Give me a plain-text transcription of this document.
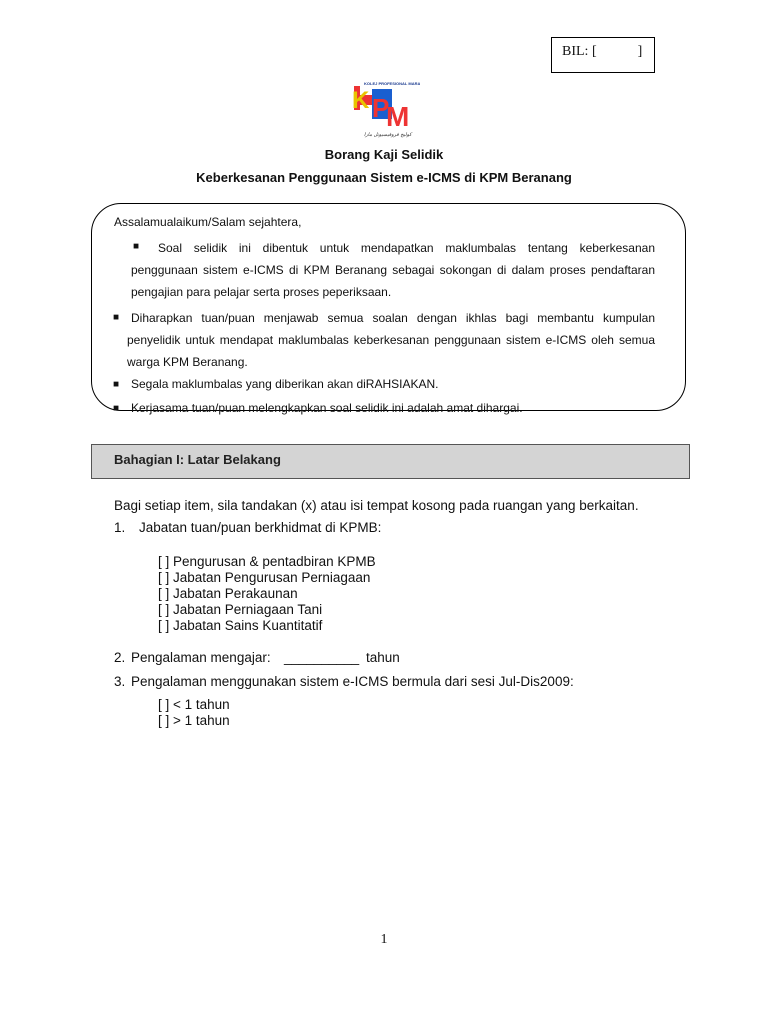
BIL: [	]
KOLEJ PROFESIONAL MARA
K P
M
ﻛﻮﻟﻴﺞ ﻓﺮﻭﻓﻴﺴﻴﻮﻧﻞ ﻣﺎﺭﺍ
Borang Kaji Selidik
Keberkesanan Penggunaan Sistem e-ICMS di KPM Beranang
Assalamualaikum/Salam sejahtera,
■	Soal selidik ini dibentuk untuk mendapatkan maklumbalas tentang keberkesanan penggunaan sistem e-ICMS di KPM Beranang sebagai sokongan di dalam proses pendaftaran pengajian para pelajar serta proses peperiksaan.
■ Diharapkan tuan/puan menjawab semua soalan dengan ikhlas bagi membantu kumpulan penyelidik untuk mendapat maklumbalas keberkesanan penggunaan sistem e-ICMS oleh semua warga KPM Beranang.
■ Segala maklumbalas yang diberikan akan diRAHSIAKAN.
■ Kerjasama tuan/puan melengkapkan soal selidik ini adalah amat dihargai.
Bahagian I: Latar Belakang
Bagi setiap item, sila tandakan (x) atau isi tempat kosong pada ruangan yang berkaitan.
1. Jabatan tuan/puan berkhidmat di KPMB:
[ ] Pengurusan & pentadbiran KPMB
[ ] Jabatan Pengurusan Perniagaan
[ ] Jabatan Perakaunan
[ ] Jabatan Perniagaan Tani
[ ] Jabatan Sains Kuantitatif
2. Pengalaman mengajar: __________ tahun
3. Pengalaman menggunakan sistem e-ICMS bermula dari sesi Jul-Dis2009:
[ ] < 1 tahun
[ ] > 1 tahun
1
